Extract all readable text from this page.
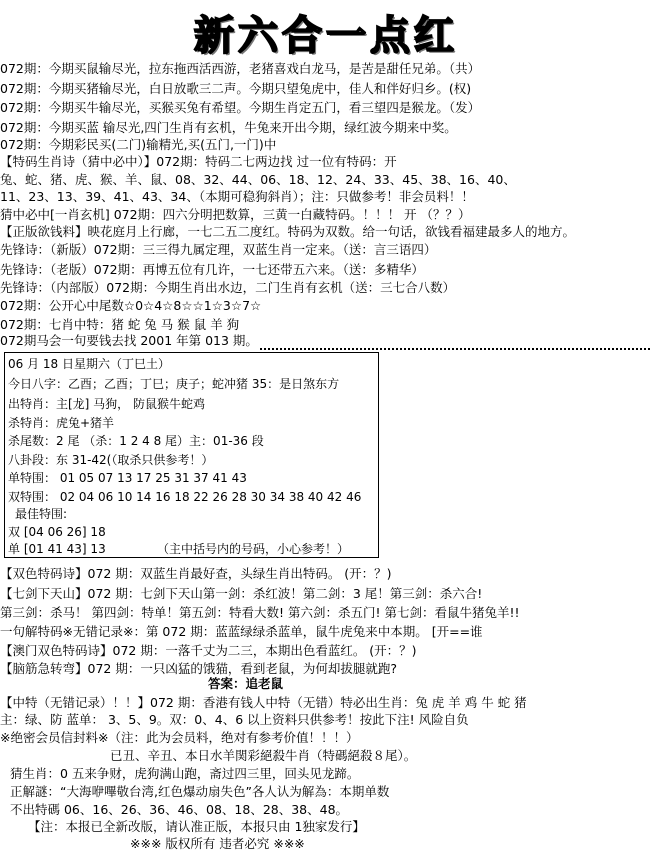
新六合一点红
072期：今期买鼠输尽光，拉东拖西活西游，老猪喜戏白龙马，是苦是甜任兄弟。（共）
072期：今期买猪输尽光，白日放歌三二声。今期只望兔虎中，佳人和伴好归乡。(权)
072期：今期买牛输尽光，买猴买兔有希望。今期生肖定五门，看三望四是猴龙。（发）
072期：今期买蓝 输尽光,四门生肖有玄机，牛兔来开出今期，绿红波今期来中奖。
072期：今期彩民买(二门)输精光,买(五门,一门)中
【特码生肖诗（猜中必中）】072期：特码二七两边找 过一位有特码：开
兔、蛇、猪、虎、猴、羊、鼠、08、32、44、06、18、12、24、33、45、38、16、40、
11、23、13、39、41、43、34、（本期可稳狗斜肖）；注：只做参考！非会员料！！
猜中必中[一肖玄机] 072期：四六分明把数算，三黄一白藏特码。！！！ 开 （？？）
【正版欲钱料】映花庭月上行廊，一七二五二度红。特码为双数。给一句话，欲钱看福建最多人的地方。
先锋诗：（新版）072期：三三得九属定理，双蓝生肖一定来。（送：言三语四）
先锋诗：（老版）072期：再博五位有几许，一七还带五六来。（送：多精华）
先锋诗：（内部版）072期：今期生肖出水边，二门生肖有玄机（送：三七合八数）
072期：公开心中尾数☆0☆4☆8☆☆1☆3☆7☆
072期：七肖中特：猪 蛇 兔 马 猴 鼠 羊 狗
072期马会一句要钱去找 2001 年第 013 期。
06 月 18 日星期六（丁巳土）
今日八字：乙酉；乙酉；丁巳；庚子；蛇冲猪 35：是日煞东方
出特肖：主[龙] 马狗， 防鼠猴牛蛇鸡
杀特肖：虎兔+猪羊
杀尾数：2 尾 （杀：1 2 4 8 尾）主：01-36 段
八卦段：东 31-42(（取杀只供参考！）
单特围： 01 05 07 13 17 25 31 37 41 43
双特围： 02 04 06 10 14 16 18 22 26 28 30 34 38 40 42 46
最佳特围:
双 [04 06 26] 18
单 [01 41 43] 13	（主中括号内的号码，小心参考！）
【双色特码诗】072 期：双蓝生肖最好查，头绿生肖出特码。 (开：？)
【七剑下天山】072 期：七剑下天山第一剑：杀红波！第二剑：3 尾！第三剑：杀六合!
第三剑：杀马！ 第四剑：特单！第五剑：特看大数! 第六剑：杀五门! 第七剑：看鼠牛猪兔羊!!
一句解特码※无错记录※：第 072 期：蓝蓝绿绿杀蓝单，鼠牛虎兔来中本期。 [开==谁
【澳门双色特码诗】072 期：一落千丈为二三，本期出色看蓝红。 (开：？)
【脑筋急转弯】072 期：一只凶猛的饿猫，看到老鼠，为何却拔腿就跑?
答案：追老鼠
【中特（无错记录）！！】072 期：香港有钱人中特（无错）特必出生肖：兔 虎 羊 鸡 牛 蛇 猪
主：绿、防 蓝单： 3、5、9。双：0、4、6 以上资料只供参考！按此下注! 风险自负
※绝密会员信封料※（注：此为会员料，绝对有参考价值！！！）
已丑、辛丑、本日水羊関彩絕殺牛肖（特碼絕殺８尾）。
猜生肖：0 五来争财，虎狗满山跑，斋过四三里，回头见龙蹄。
正解謎：“大海咿嗶敬台湾,红色爆动扇失色”各人认为解為：本期单数
不出特碼 06、16、26、36、46、08、18、28、38、48。
【注：本报已全新改版，请认准正版，本报只由 1独家发行】
※※※ 版权所有 违者必究 ※※※
